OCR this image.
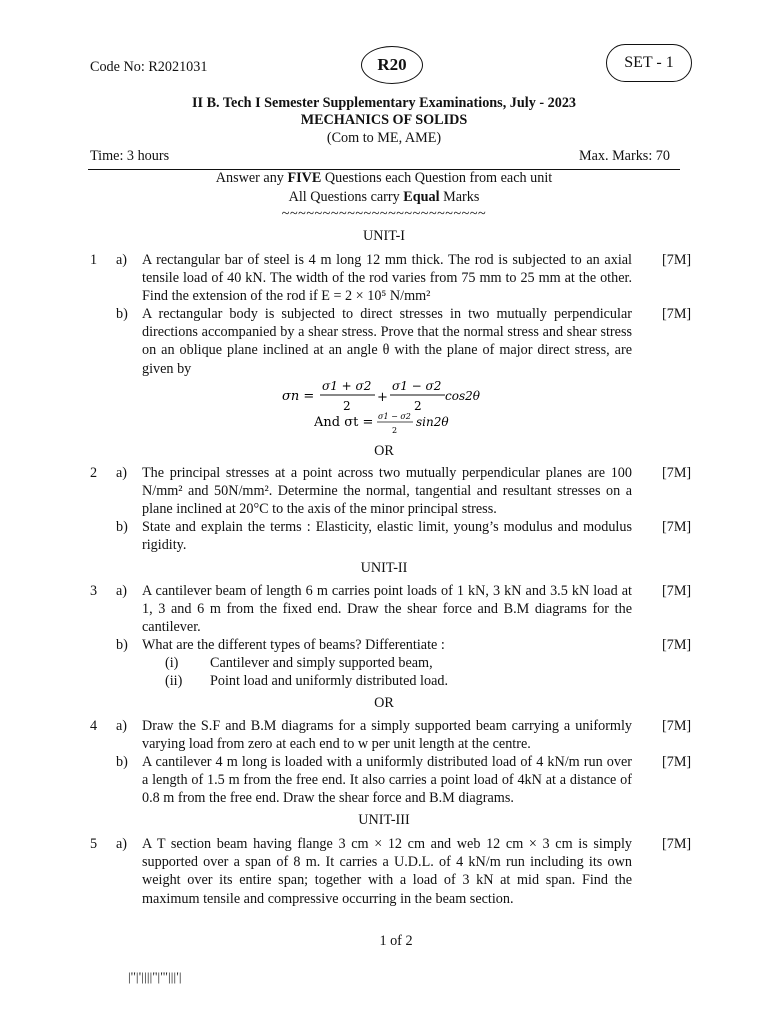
Code No: R2021031	R20	SET - 1
II B. Tech I Semester Supplementary Examinations, July - 2023
MECHANICS OF SOLIDS
(Com to ME, AME)
Time: 3 hours	Max. Marks: 70
Answer any FIVE Questions each Question from each unit
All Questions carry Equal Marks
~~~~~~~~~~~~~~~~~~~~~~~~~
UNIT-I
1 a) A rectangular bar of steel is 4 m long 12 mm thick. The rod is subjected to an axial tensile load of 40 kN. The width of the rod varies from 75 mm to 25 mm at the other. Find the extension of the rod if E = 2 × 10⁵ N/mm²
[7M]
b) A rectangular body is subjected to direct stresses in two mutually perpendicular directions accompanied by a shear stress. Prove that the normal stress and shear stress on an oblique plane inclined at an angle θ with the plane of major direct stress, are given by
[7M]
σn =
σ1 + σ2
2
+
σ1 − σ2
2
cos2θ
And σt = σ1 − σ2
2
sin2θ
OR
2 a) The principal stresses at a point across two mutually perpendicular planes are 100 N/mm² and 50N/mm². Determine the normal, tangential and resultant stresses on a plane inclined at 20°C to the axis of the minor principal stress.
[7M]
b) State and explain the terms : Elasticity, elastic limit, young’s modulus and modulus rigidity.
[7M]
UNIT-II
3 a) A cantilever beam of length 6 m carries point loads of 1 kN, 3 kN and 3.5 kN load at 1, 3 and 6 m from the fixed end. Draw the shear force and B.M diagrams for the cantilever.
[7M]
b) What are the different types of beams? Differentiate :	[7M]
(i) Cantilever and simply supported beam,
(ii) Point load and uniformly distributed load.
OR
4 a) Draw the S.F and B.M diagrams for a simply supported beam carrying a uniformly varying load from zero at each end to w per unit length at the centre.
[7M]
b) A cantilever 4 m long is loaded with a uniformly distributed load of 4 kN/m run over a length of 1.5 m from the free end. It also carries a point load of 4kN at a distance of 0.8 m from the free end. Draw the shear force and B.M diagrams.
[7M]
UNIT-III
5 a) A T section beam having flange 3 cm × 12 cm and web 12 cm × 3 cm is simply supported over a span of 8 m. It carries a U.D.L. of 4 kN/m run including its own weight over its entire span; together with a load of 3 kN at mid span. Find the maximum tensile and compressive occurring in the beam section.
[7M]
1 of 2
|''|'||||''|'''|||'|
